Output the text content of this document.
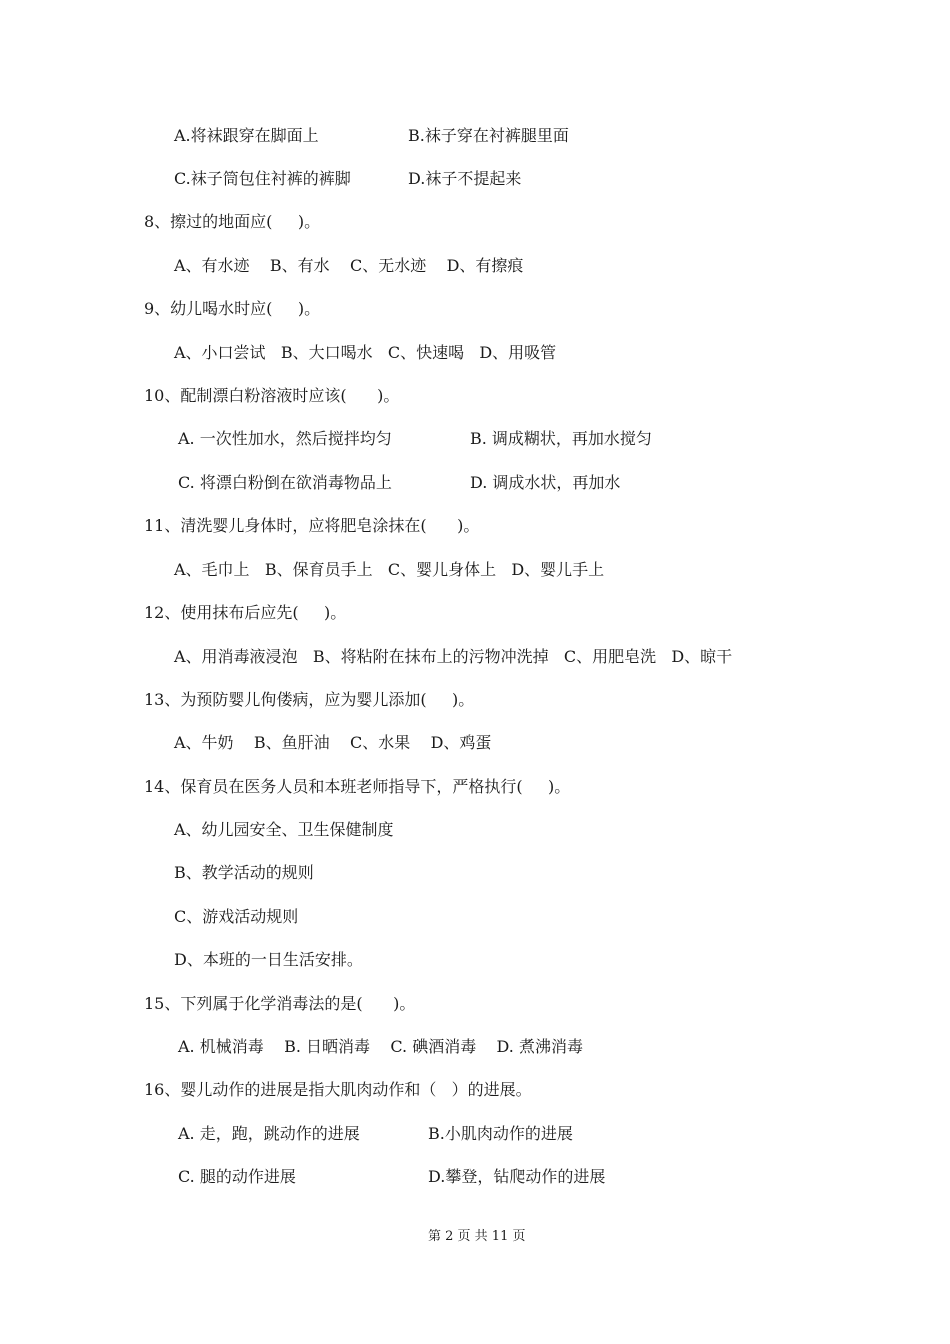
A.将袜跟穿在脚面上	B.袜子穿在衬裤腿里面
C.袜子筒包住衬裤的裤脚	D.袜子不提起来
8、擦过的地面应(     )。
A、有水迹    B、有水    C、无水迹    D、有擦痕
9、幼儿喝水时应(     )。
A、小口尝试   B、大口喝水   C、快速喝   D、用吸管
10、配制漂白粉溶液时应该(      )。
A. 一次性加水，然后搅拌均匀	B. 调成糊状，再加水搅匀
C. 将漂白粉倒在欲消毒物品上	D. 调成水状，再加水
11、清洗婴儿身体时，应将肥皂涂抹在(      )。
A、毛巾上   B、保育员手上   C、婴儿身体上   D、婴儿手上
12、使用抹布后应先(     )。
A、用消毒液浸泡   B、将粘附在抹布上的污物冲洗掉   C、用肥皂洗   D、晾干
13、为预防婴儿佝偻病，应为婴儿添加(     )。
A、牛奶    B、鱼肝油    C、水果    D、鸡蛋
14、保育员在医务人员和本班老师指导下，严格执行(     )。
A、幼儿园安全、卫生保健制度
B、教学活动的规则
C、游戏活动规则
D、本班的一日生活安排。
15、下列属于化学消毒法的是(      )。
A. 机械消毒    B. 日晒消毒    C. 碘酒消毒    D. 煮沸消毒
16、婴儿动作的进展是指大肌肉动作和（   ）的进展。
A. 走，跑，跳动作的进展	B.小肌肉动作的进展
C. 腿的动作进展	D.攀登，钻爬动作的进展
第 2 页 共 11 页
